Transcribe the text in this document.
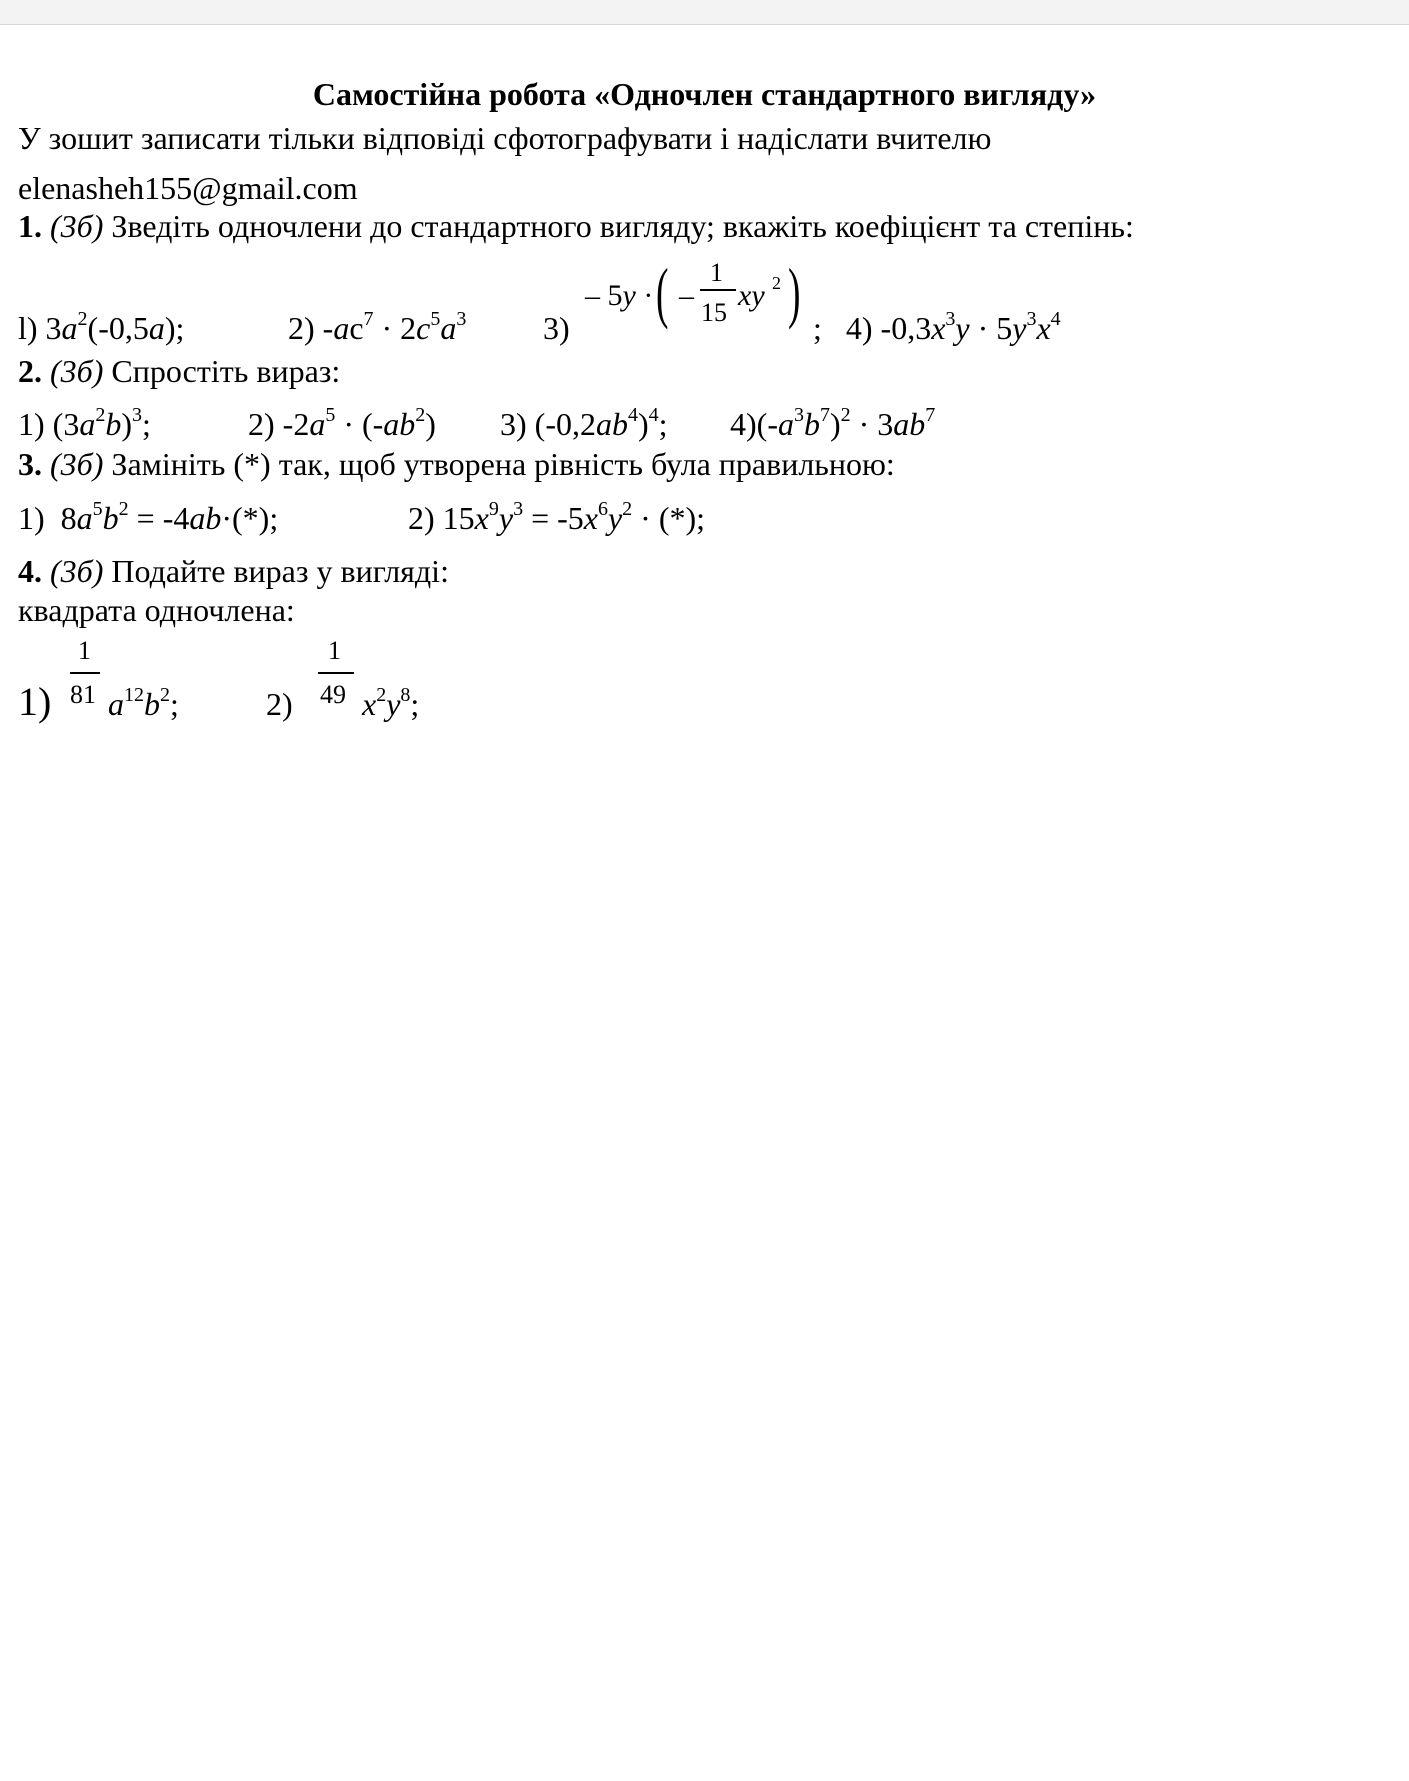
Самостійна робота «Одночлен стандартного вигляду»
У зошит записати тільки відповіді сфотографувати і надіслати вчителю
elenasheh155@gmail.com
1. (3б) Зведіть одночлени до стандартного вигляду; вкажіть коефіцієнт та степінь:
l) $3a^2(-0,5a)$;	2) $-ac^7 \cdot 2c^5a^3$ 3)
– 5y · ( –
1
15
xy 2 ) ;   4) $-0,3x^3y \cdot 5y^3x^4$
2. (3б) Спростіть вираз:
1) $(3a^2b)^3$;	2) $-2a^5 \cdot (-ab^2)$ 3) $(-0,2ab^4)^4$; $4)(-a^3b^7)^2 \cdot 3ab^7$
3. (3б) Замініть (*) так, щоб утворена рівність була правильною:
1)  $8a^5b^2 = -4ab\cdot(*)$;	2) $15x^9y^3 = -5x^6y^2$ · (*);
4. (3б) Подайте вираз у вигляді:
квадрата одночлена:
1)
1
81 $a^{12}b^2$;	2)
1
49 $x^2y^8$;
